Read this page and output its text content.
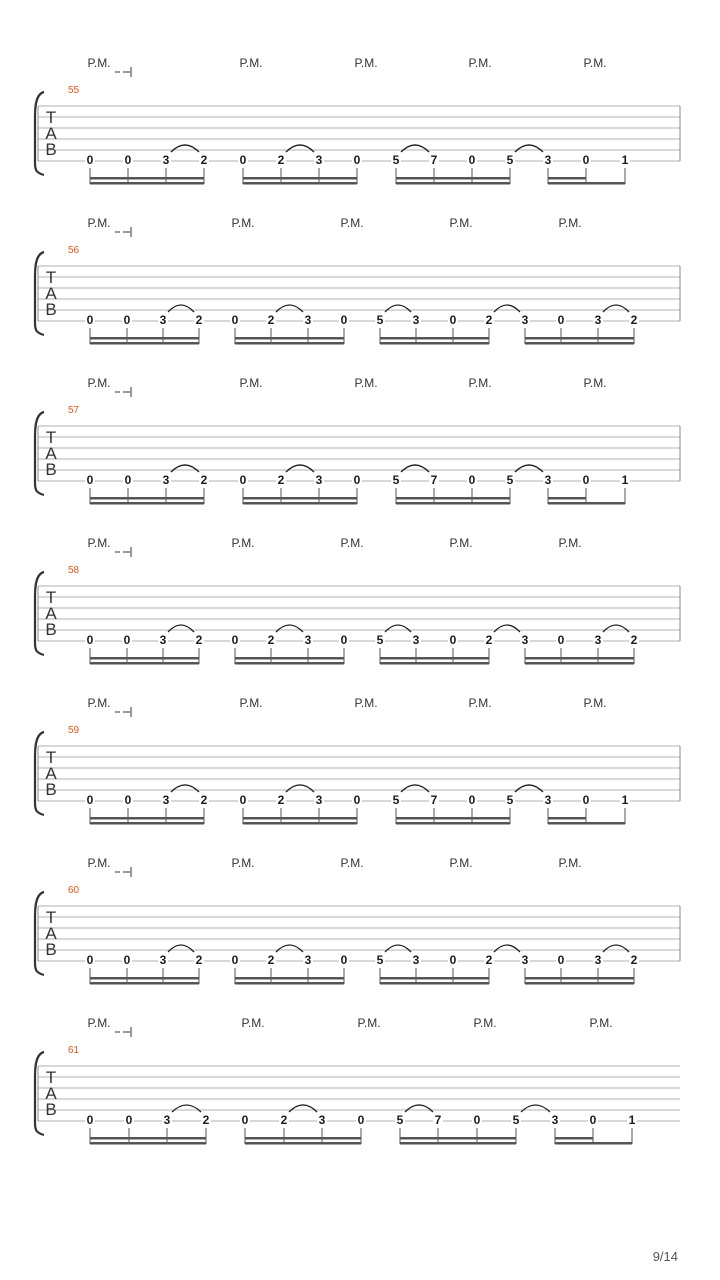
P.M.	P.M.	P.M.	P.M.	P.M.
55
T
A
B
0	0	3	2	0	2	3	0	5	7	0	5	3	0	1
P.M.	P.M.	P.M.	P.M.	P.M.
56
T
A
B
0	0 3 2 0 2	3 0 5 3	0 2 3 0	3 2
P.M.	P.M.	P.M.	P.M.	P.M.
57
T
A
B
0	0	3	2	0	2	3	0	5	7	0	5	3	0	1
P.M.	P.M.	P.M.	P.M.	P.M.
58
T
A
B
0	0 3 2 0 2	3 0 5 3	0 2 3 0	3 2
P.M.	P.M.	P.M.	P.M.	P.M.
59
T
A
B
0	0	3	2	0	2	3	0	5	7	0	5	3	0	1
P.M.	P.M.	P.M.	P.M.	P.M.
60
T
A
B
0	0 3 2 0 2	3 0 5 3	0 2 3 0	3 2
P.M.	P.M.	P.M.	P.M.	P.M.
61
T
A
B
0	0	3	2	0	2	3	0	5	7	0	5	3	0	1
9/14
